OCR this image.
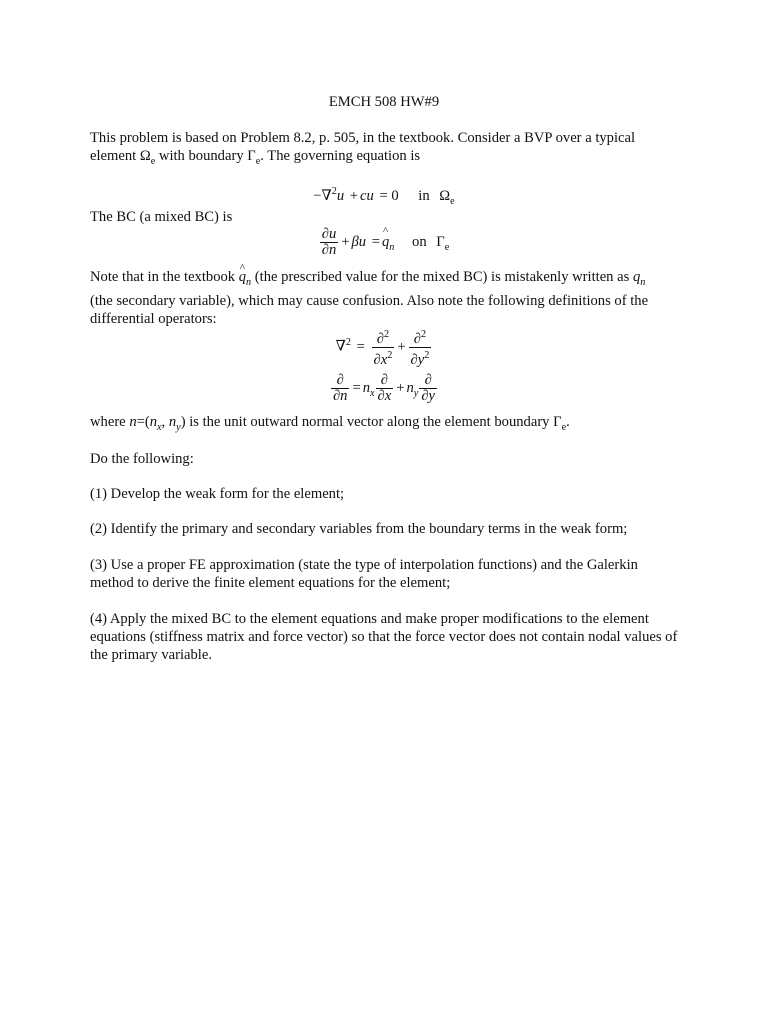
EMCH 508 HW#9
This problem is based on Problem 8.2, p. 505, in the textbook. Consider a BVP over a typical
element $\Omega_e$ with boundary $\Gamma_e$. The governing equation is
−∇$^2$u + cu = 0 in $\Omega_e$
The BC (a mixed BC) is
$\frac{\partial u}{\partial n} + \beta u$ =^ $q_n$ on $\Gamma_e$
Note that in the textbook ^ $q_n$ (the prescribed value for the mixed BC) is mistakenly written as $q_n$
(the secondary variable), which may cause confusion. Also note the following definitions of the
differential operators:
$\nabla^2 = \frac{\partial^2}{\partial x^2} + \frac{\partial^2}{\partial y^2}$
$\frac{\partial}{\partial n} = n_x \frac{\partial}{\partial x} + n_y \frac{\partial}{\partial y}$
where $n=(n_x$, $n_y$) is the unit outward normal vector along the element boundary $\Gamma_e$.
Do the following:
(1) Develop the weak form for the element;
(2) Identify the primary and secondary variables from the boundary terms in the weak form;
(3) Use a proper FE approximation (state the type of interpolation functions) and the Galerkin method to derive the finite element equations for the element;
(4) Apply the mixed BC to the element equations and make proper modifications to the element equations (stiffness matrix and force vector) so that the force vector does not contain nodal values of the primary variable.
